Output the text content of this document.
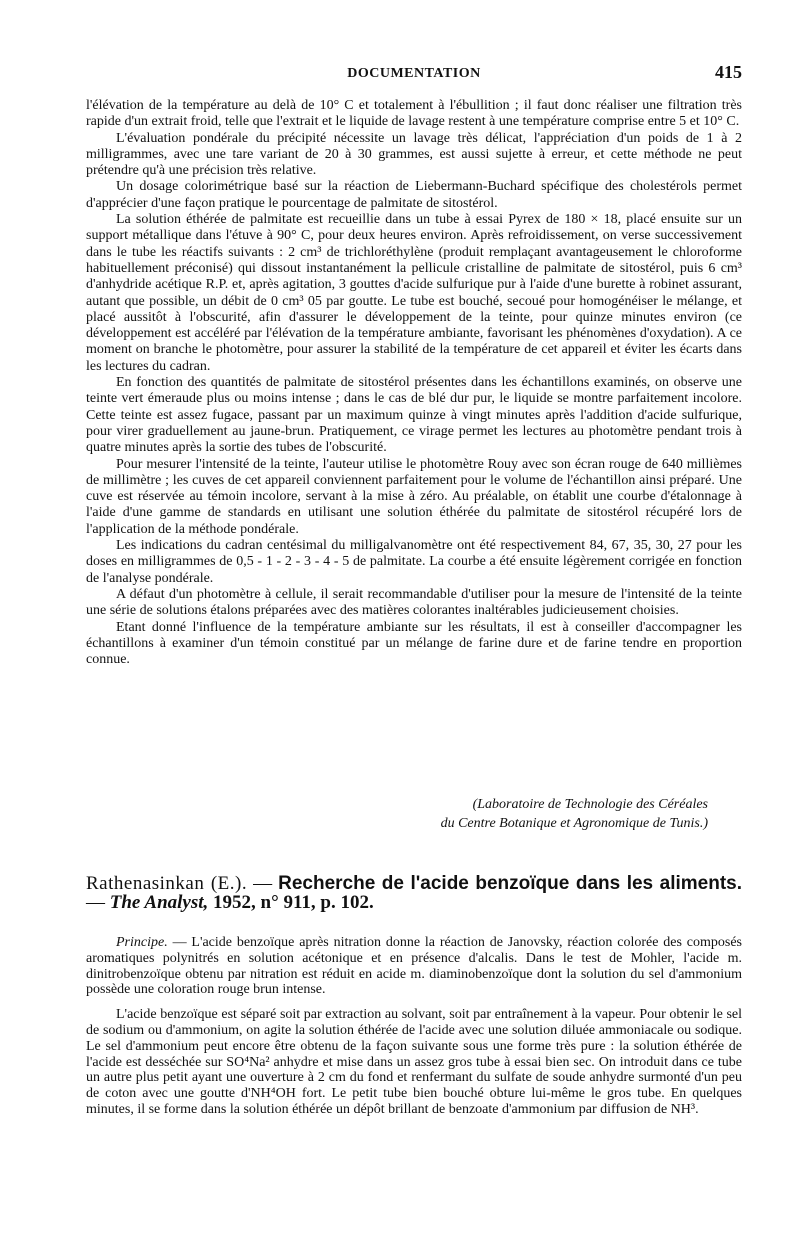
DOCUMENTATION	415

l'élévation de la température au delà de 10° C et totalement à l'ébullition ; il faut donc réaliser une filtration très rapide d'un extrait froid, telle que l'extrait et le liquide de lavage restent à une température comprise entre 5 et 10° C.

L'évaluation pondérale du précipité nécessite un lavage très délicat, l'appréciation d'un poids de 1 à 2 milligrammes, avec une tare variant de 20 à 30 grammes, est aussi sujette à erreur, et cette méthode ne peut prétendre qu'à une précision très relative.

Un dosage colorimétrique basé sur la réaction de Liebermann-Buchard spécifique des cholestérols permet d'apprécier d'une façon pratique le pourcentage de palmitate de sitostérol.

La solution éthérée de palmitate est recueillie dans un tube à essai Pyrex de 180 × 18, placé ensuite sur un support métallique dans l'étuve à 90° C, pour deux heures environ. Après refroidissement, on verse successivement dans le tube les réactifs suivants : 2 cm³ de trichloréthylène (produit remplaçant avantageusement le chloroforme habituellement préconisé) qui dissout instantanément la pellicule cristalline de palmitate de sitostérol, puis 6 cm³ d'anhydride acétique R.P. et, après agitation, 3 gouttes d'acide sulfurique pur à l'aide d'une burette à robinet assurant, autant que possible, un débit de 0 cm³ 05 par goutte. Le tube est bouché, secoué pour homogénéiser le mélange, et placé aussitôt à l'obscurité, afin d'assurer le développement de la teinte, pour quinze minutes environ (ce développement est accéléré par l'élévation de la température ambiante, favorisant les phénomènes d'oxydation). A ce moment on branche le photomètre, pour assurer la stabilité de la température de cet appareil et éviter les écarts dans les lectures du cadran.

En fonction des quantités de palmitate de sitostérol présentes dans les échantillons examinés, on observe une teinte vert émeraude plus ou moins intense ; dans le cas de blé dur pur, le liquide se montre parfaitement incolore. Cette teinte est assez fugace, passant par un maximum quinze à vingt minutes après l'addition d'acide sulfurique, pour virer graduellement au jaune-brun. Pratiquement, ce virage permet les lectures au photomètre pendant trois à quatre minutes après la sortie des tubes de l'obscurité.

Pour mesurer l'intensité de la teinte, l'auteur utilise le photomètre Rouy avec son écran rouge de 640 millièmes de millimètre ; les cuves de cet appareil conviennent parfaitement pour le volume de l'échantillon ainsi préparé. Une cuve est réservée au témoin incolore, servant à la mise à zéro. Au préalable, on établit une courbe d'étalonnage à l'aide d'une gamme de standards en utilisant une solution éthérée du palmitate de sitostérol récupéré lors de l'application de la méthode pondérale.

Les indications du cadran centésimal du milligalvanomètre ont été respectivement 84, 67, 35, 30, 27 pour les doses en milligrammes de 0,5 - 1 - 2 - 3 - 4 - 5 de palmitate. La courbe a été ensuite légèrement corrigée en fonction de l'analyse pondérale.

A défaut d'un photomètre à cellule, il serait recommandable d'utiliser pour la mesure de l'intensité de la teinte une série de solutions étalons préparées avec des matières colorantes inaltérables judicieusement choisies.

Etant donné l'influence de la température ambiante sur les résultats, il est à conseiller d'accompagner les échantillons à examiner d'un témoin constitué par un mélange de farine dure et de farine tendre en proportion connue.

(Laboratoire de Technologie des Céréales
du Centre Botanique et Agronomique de Tunis.)
Rathenasinkan (E.). — Recherche de l'acide benzoïque dans les aliments. — The Analyst, 1952, n° 911, p. 102.

Principe. — L'acide benzoïque après nitration donne la réaction de Janovsky, réaction colorée des composés aromatiques polynitrés en solution acétonique et en présence d'alcalis. Dans le test de Mohler, l'acide m. dinitrobenzoïque obtenu par nitration est réduit en acide m. diaminobenzoïque dont la solution du sel d'ammonium possède une coloration rouge brun intense.

L'acide benzoïque est séparé soit par extraction au solvant, soit par entraînement à la vapeur. Pour obtenir le sel de sodium ou d'ammonium, on agite la solution éthérée de l'acide avec une solution diluée ammoniacale ou sodique. Le sel d'ammonium peut encore être obtenu de la façon suivante sous une forme très pure : la solution éthérée de l'acide est desséchée sur SO⁴Na² anhydre et mise dans un assez gros tube à essai bien sec. On introduit dans ce tube un autre plus petit ayant une ouverture à 2 cm du fond et renfermant du sulfate de soude anhydre surmonté d'un peu de coton avec une goutte d'NH⁴OH fort. Le petit tube bien bouché obture lui-même le gros tube. En quelques minutes, il se forme dans la solution éthérée un dépôt brillant de benzoate d'ammonium par diffusion de NH³.
